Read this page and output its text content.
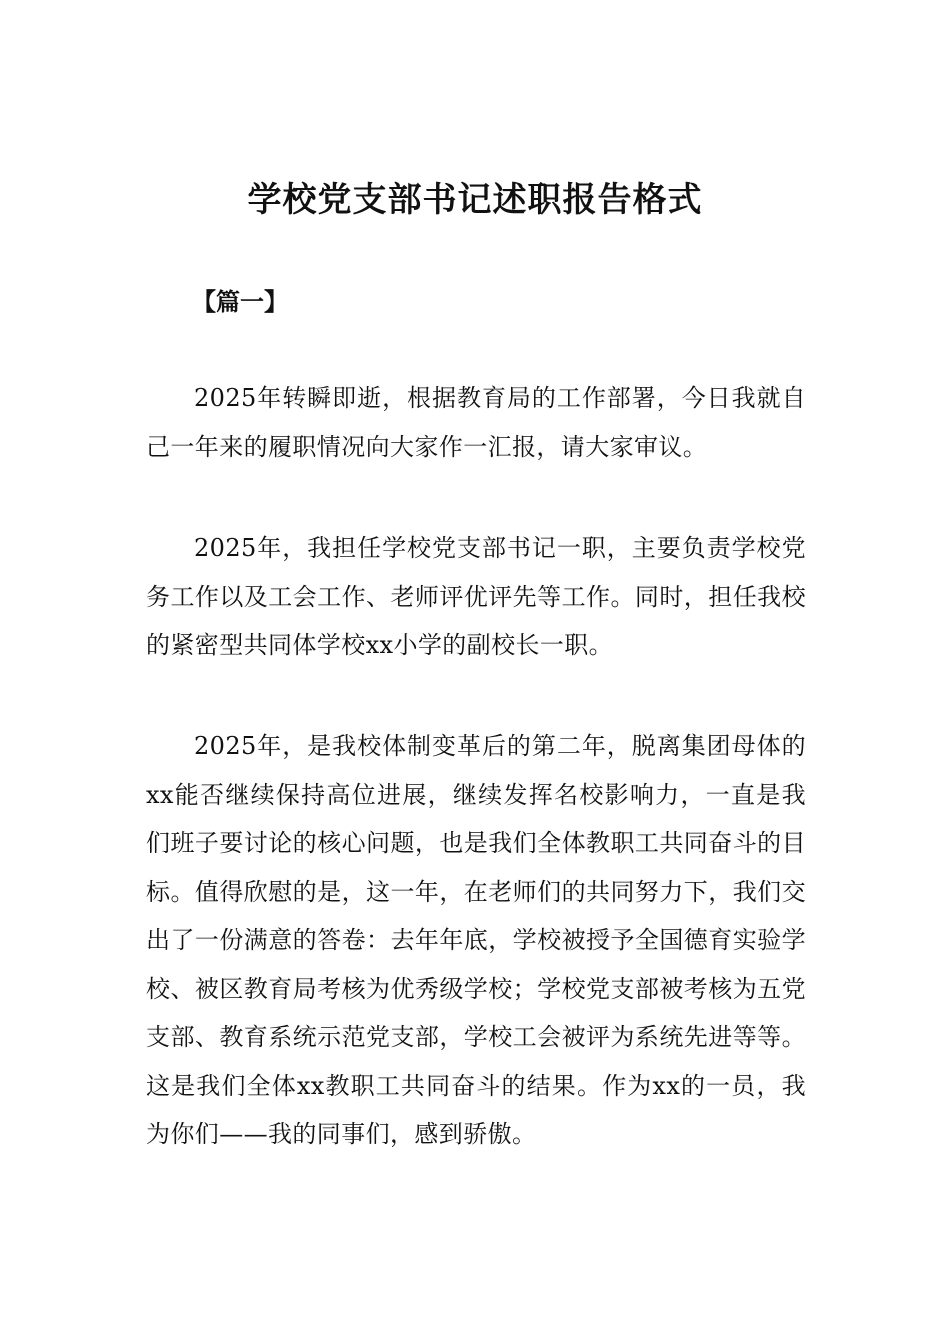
学校党支部书记述职报告格式

【篇一】

2025年转瞬即逝，根据教育局的工作部署，今日我就自己一年来的履职情况向大家作一汇报，请大家审议。

2025年，我担任学校党支部书记一职，主要负责学校党务工作以及工会工作、老师评优评先等工作。同时，担任我校的紧密型共同体学校xx小学的副校长一职。

2025年，是我校体制变革后的第二年，脱离集团母体的xx能否继续保持高位进展，继续发挥名校影响力，一直是我们班子要讨论的核心问题，也是我们全体教职工共同奋斗的目标。值得欣慰的是，这一年，在老师们的共同努力下，我们交出了一份满意的答卷：去年年底，学校被授予全国德育实验学校、被区教育局考核为优秀级学校；学校党支部被考核为五党支部、教育系统示范党支部，学校工会被评为系统先进等等。这是我们全体xx教职工共同奋斗的结果。作为xx的一员，我为你们——我的同事们，感到骄傲。
